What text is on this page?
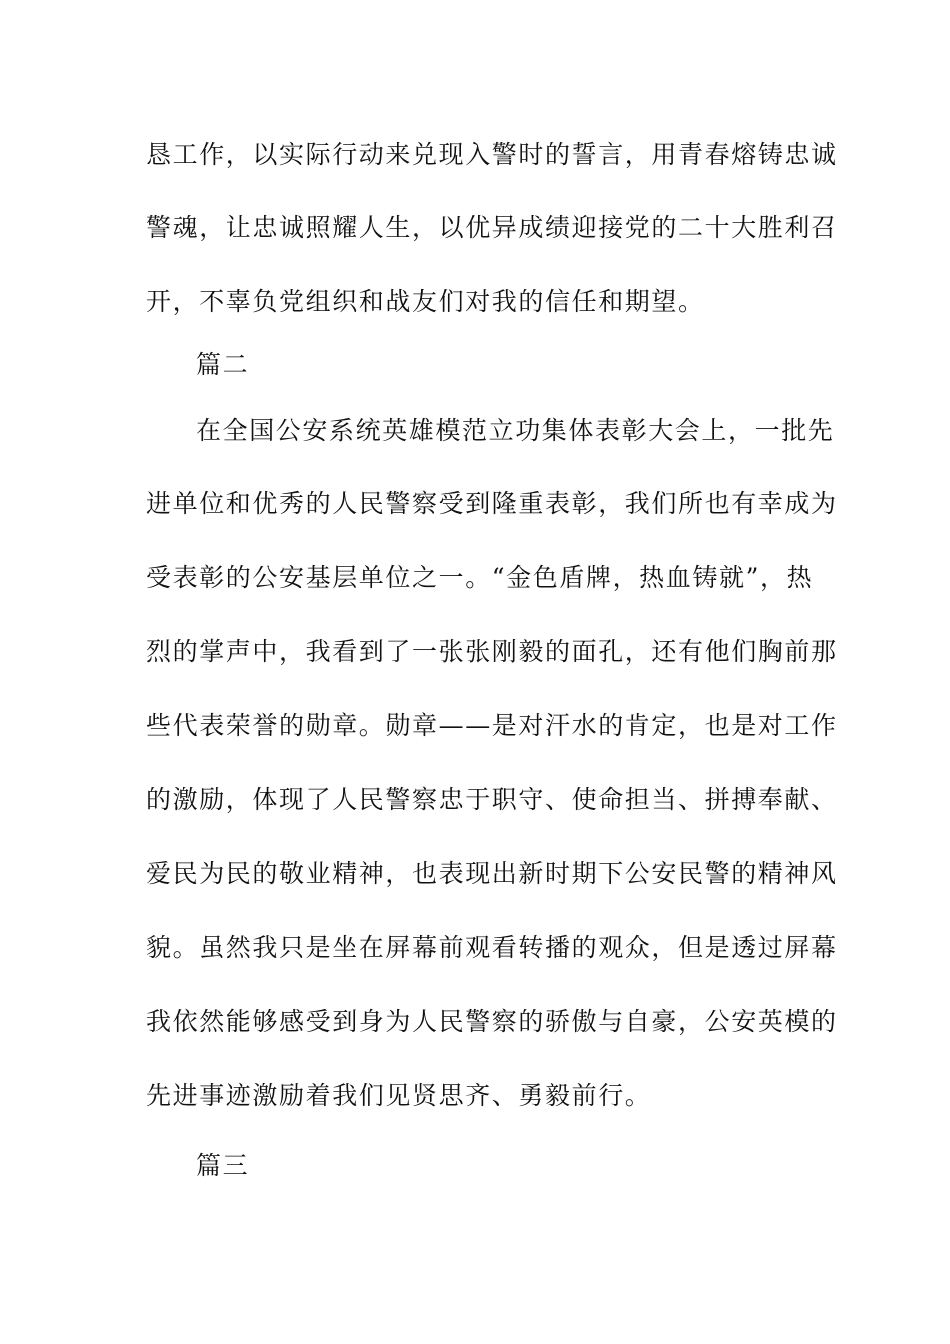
恳工作，以实际行动来兑现入警时的誓言，用青春熔铸忠诚
警魂，让忠诚照耀人生，以优异成绩迎接党的二十大胜利召
开，不辜负党组织和战友们对我的信任和期望。
篇二
在全国公安系统英雄模范立功集体表彰大会上，一批先
进单位和优秀的人民警察受到隆重表彰，我们所也有幸成为
受表彰的公安基层单位之一。“金色盾牌，热血铸就”，热
烈的掌声中，我看到了一张张刚毅的面孔，还有他们胸前那
些代表荣誉的勋章。勋章——是对汗水的肯定，也是对工作
的激励，体现了人民警察忠于职守、使命担当、拼搏奉献、
爱民为民的敬业精神，也表现出新时期下公安民警的精神风
貌。虽然我只是坐在屏幕前观看转播的观众，但是透过屏幕
我依然能够感受到身为人民警察的骄傲与自豪，公安英模的
先进事迹激励着我们见贤思齐、勇毅前行。
篇三
